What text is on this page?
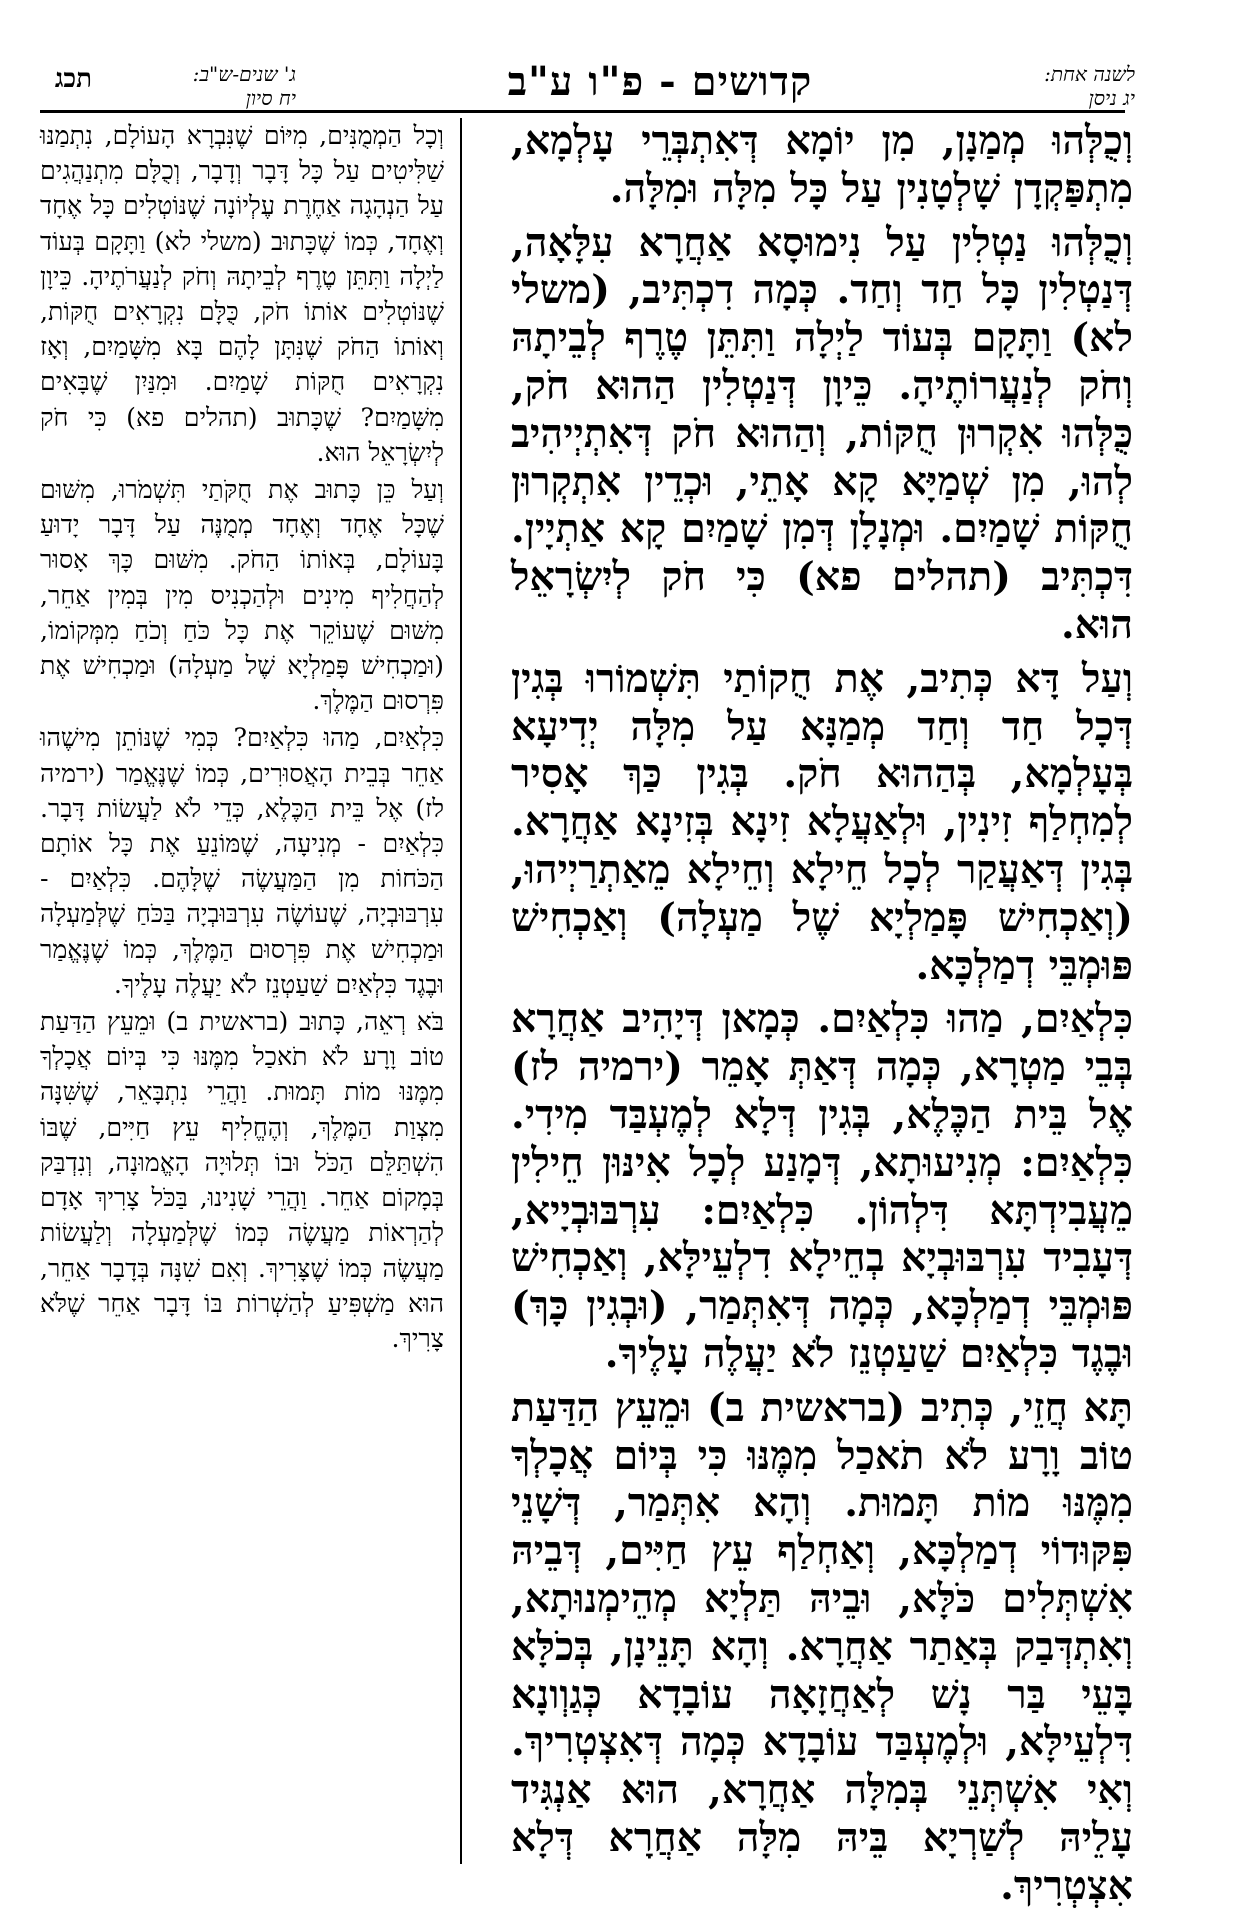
לשנה אחת:
יג ניסן
קדושים - פ"ו ע"ב
ג' שנים-ש"ב:
יח סיון
תכג

וְכֻלְּהוּ מְמַנָן, מִן יוֹמָא דְּאִתְבְּרֵי עָלְמָא, מִתְפַּקְדָן שָׁלְטָנִין עַל כָּל מִלָּה וּמִלָּה.

וְכֻלְּהוּ נַטְלִין עַל נִימוּסָא אַחֲרָא עִלָּאָה, דְּנַטְלִין כָּל חַד וְחַד. כְּמָה דִכְתִּיב, (משלי לא) וַתָּקָם בְּעוֹד לַיְלָה וַתִּתֵּן טֶרֶף לְבֵיתָהּ וְחֹק לְנַעֲרוֹתֶיהָ. כֵּיוָן דְּנַטְלִין הַהוּא חֹק, כֻּלְּהוּ אִקְרוּן חֻקּוֹת, וְהַהוּא חֹק דְּאִתְיְיהִיב לְהוּ, מִן שְׁמַיָּא קָא אָתֵי, וּכְדֵין אִתְקְרוּן חֻקּוֹת שָׁמַיִם. וּמְנָלָן דְּמִן שָׁמַיִם קָא אַתְיָין. דִּכְתִּיב (תהלים פא) כִּי חֹק לְיִשְׂרָאֵל הוּא.

וְעַל דָּא כְּתִיב, אֶת חֻקוֹתַי תִּשְׁמוֹרוּ בְּגִין דְּכָל חַד וְחַד מְמַנָּא עַל מִלָּה יְדִיעָא בְּעָלְמָא, בְּהַהוּא חֹק. בְּגִין כַּךְ אָסִיר לְמִחְלַף זִינִין, וּלְאַעֲלָא זִינָא בְּזִינָא אַחֲרָא. בְּגִין דְּאַעֲקַר לְכָל חֵילָא וְחֵילָא מֵאַתְרַיְיהוּ, (וְאַכְחִישׁ פָּמַלְיָא שֶׁל מַעְלָה) וְאַכְחִישׁ פּוּמְבֵּי דְמַלְכָּא.

כִּלְאַיִם, מַהוּ כִּלְאַיִם. כְּמָאן דְּיָהִיב אַחֲרָא בְּבֵי מַטְרָא, כְּמָה דְּאַתְּ אָמֵר (ירמיה לז) אֶל בֵּית הַכֶּלֶא, בְּגִין דְּלָא לְמֶעְבַּד מִידִי. כִּלְאַיִם: מְנִיעוּתָא, דְּמָנַע לְכָל אִינּוּן חֵילִין מֵעֲבִידְתָּא דִּלְהוֹן. כִּלְאַיִם: עִרְבּוּבְיָיא, דְּעָבִיד עִרְבּוּבְיָא בְחֵילָא דִלְעֵילָּא, וְאַכְחִישׁ פּוּמְבֵּי דְמַלְכָּא, כְּמָה דְּאִתְּמַר, (וּבְגִין כָּךְ) וּבֶגֶד כִּלְאַיִם שַׁעַטְנֵז לֹא יַעֲלֶה עָלֶיךָ.

תָּא חֲזֵי, כְּתִיב (בראשית ב) וּמֵעֵץ הַדַּעַת טוֹב וָרָע לֹא תֹאכַל מִמֶּנּוּ כִּי בְּיוֹם אֲכָלְךָ מִמֶּנּוּ מוֹת תָּמוּת. וְהָא אִתְּמַר, דְּשָׁנֵי פִּקּוּדוֹי דְמַלְכָּא, וְאַחְלַף עֵץ חַיִּים, דְּבֵיהּ אִשְׁתְּלִים כֹּלָּא, וּבֵיהּ תַּלְיָא מְהֵימְנוּתָא, וְאִתְדְּבַק בְּאַתַר אַחֲרָא. וְהָא תָּנֵינָן, בְּכֹלָּא בָּעֵי בַּר נָשׁ לְאַחֲזָאָה עוֹבָדָא כְּגַוְונָא דִּלְעֵילָּא, וּלְמֶעְבַּד עוֹבָדָא כְּמָה דְּאִצְטְרִיךְ. וְאִי אִשְׁתְּנֵי בְּמִלָּה אַחֲרָא, הוּא אַנְגִּיד עָלֵיהּ לְשַׁרְיָא בֵּיהּ מִלָּה אַחֲרָא דְּלָא אִצְטְרִיךְ.

וְכָל הַמְמֻנִּים, מִיּוֹם שֶׁנִּבְרָא הָעוֹלָם, נִתְמַנּוּ שַׁלִּיטִים עַל כָּל דָּבָר וְדָבָר, וְכֻלָּם מִתְנַהֲגִים עַל הַנְהָגָה אַחֶרֶת עֶלְיוֹנָה שֶׁנּוֹטְלִים כָּל אֶחָד וְאֶחָד, כְּמוֹ שֶׁכָּתוּב (משלי לא) וַתָּקָם בְּעוֹד לַיְלָה וַתִּתֵּן טֶרֶף לְבֵיתָהּ וְחֹק לְנַעֲרֹתֶיהָ. כֵּיוָן שֶׁנּוֹטְלִים אוֹתוֹ חֹק, כֻּלָּם נִקְרָאִים חֻקּוֹת, וְאוֹתוֹ הַחֹק שֶׁנִּתָּן לָהֶם בָּא מִשָּׁמַיִם, וְאָז נִקְרָאִים חֻקּוֹת שָׁמַיִם. וּמִנַּיִן שֶׁבָּאִים מִשָּׁמַיִם? שֶׁכָּתוּב (תהלים פא) כִּי חֹק לְיִשְׂרָאֵל הוּא.

וְעַל כֵּן כָּתוּב אֶת חֻקֹּתַי תִּשְׁמֹרוּ, מִשּׁוּם שֶׁכָּל אֶחָד וְאֶחָד מְמֻנֶּה עַל דָּבָר יָדוּעַ בָּעוֹלָם, בְּאוֹתוֹ הַחֹק. מִשּׁוּם כָּךְ אָסוּר לְהַחֲלִיף מִינִים וּלְהַכְנִיס מִין בְּמִין אַחֵר, מִשּׁוּם שֶׁעוֹקֵר אֶת כָּל כֹּחַ וְכֹחַ מִמְּקוֹמוֹ, (וּמַכְחִישׁ פָּמַלְיָא שֶׁל מַעְלָה) וּמַכְחִישׁ אֶת פִּרְסוּם הַמֶּלֶךְ.

כִּלְאַיִם, מַהוּ כִּלְאַיִם? כְּמִי שֶׁנּוֹתֵן מִישֶׁהוּ אַחֵר בְּבֵית הָאֲסוּרִים, כְּמוֹ שֶׁנֶּאֱמַר (ירמיה לז) אֶל בֵּית הַכֶּלֶא, כְּדֵי לֹא לַעֲשׂוֹת דָּבָר. כִּלְאַיִם - מְנִיעָה, שֶׁמּוֹנֵעַ אֶת כָּל אוֹתָם הַכֹּחוֹת מִן הַמַּעֲשֶׂה שֶׁלָּהֶם. כִּלְאַיִם - עִרְבּוּבְיָה, שֶׁעוֹשֶׂה עִרְבּוּבְיָה בַּכֹּחַ שֶׁלְּמַעְלָה וּמַכְחִישׁ אֶת פִּרְסוּם הַמֶּלֶךְ, כְּמוֹ שֶׁנֶּאֱמַר וּבֶגֶד כִּלְאַיִם שַׁעַטְנֵז לֹא יַעֲלֶה עָלֶיךָ.

בֹּא רְאֵה, כָּתוּב (בראשית ב) וּמֵעֵץ הַדַּעַת טוֹב וָרָע לֹא תֹאכַל מִמֶּנּוּ כִּי בְּיוֹם אֲכָלְךָ מִמֶּנּוּ מוֹת תָּמוּת. וַהֲרֵי נִתְבָּאֵר, שֶׁשִּׁנָּה מִצְוַת הַמֶּלֶךְ, וְהֶחֱלִיף עֵץ חַיִּים, שֶׁבּוֹ הִשְׁתַּלֵּם הַכֹּל וּבוֹ תְּלוּיָה הָאֱמוּנָה, וְנִדְבַּק בְּמָקוֹם אַחֵר. וַהֲרֵי שָׁנִינוּ, בַּכֹּל צָרִיךְ אָדָם לְהַרְאוֹת מַעֲשֶׂה כְּמוֹ שֶׁלְּמַעְלָה וְלַעֲשׂוֹת מַעֲשֶׂה כְּמוֹ שֶׁצָּרִיךְ. וְאִם שִׁנָּה בְּדָבָר אַחֵר, הוּא מַשְׁפִּיעַ לְהַשְׁרוֹת בּוֹ דָּבָר אַחֵר שֶׁלֹּא צָרִיךְ.
